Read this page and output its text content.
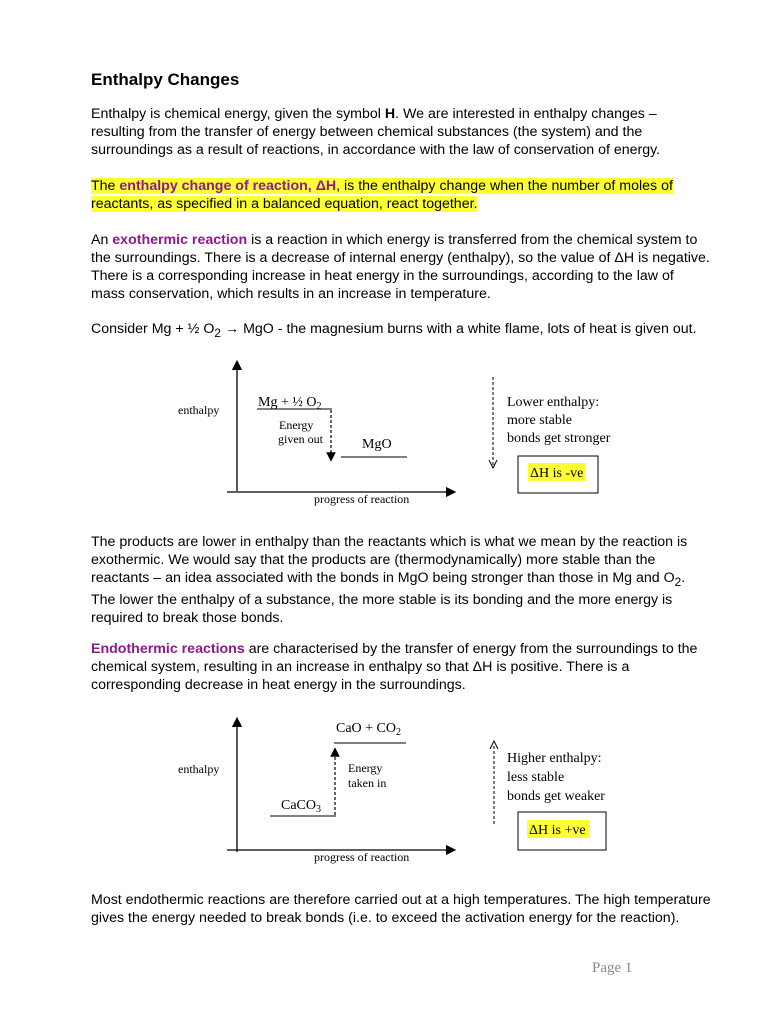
Enthalpy Changes
Enthalpy is chemical energy, given the symbol H. We are interested in enthalpy changes – resulting from the transfer of energy between chemical substances (the system) and the surroundings as a result of reactions, in accordance with the law of conservation of energy.
The enthalpy change of reaction, ΔH, is the enthalpy change when the number of moles of reactants, as specified in a balanced equation, react together.
An exothermic reaction is a reaction in which energy is transferred from the chemical system to the surroundings. There is a decrease of internal energy (enthalpy), so the value of ΔH is negative. There is a corresponding increase in heat energy in the surroundings, according to the law of mass conservation, which results in an increase in temperature.
Consider Mg + ½ $O_2$ → MgO - the magnesium burns with a white flame, lots of heat is given out.
enthalpy
progress of reaction
Mg + ½ $O_2$
Energy
given out	MgO
Lower enthalpy:
more stable
bonds get stronger
ΔH is -ve
The products are lower in enthalpy than the reactants which is what we mean by the reaction is exothermic. We would say that the products are (thermodynamically) more stable than the reactants – an idea associated with the bonds in MgO being stronger than those in Mg and $O_2$. The lower the enthalpy of a substance, the more stable is its bonding and the more energy is required to break those bonds.
Endothermic reactions are characterised by the transfer of energy from the surroundings to the chemical system, resulting in an increase in enthalpy so that ΔH is positive. There is a corresponding decrease in heat energy in the surroundings.
enthalpy
progress of reaction
CaO + $CO_2$
Energy
taken in
CaCO$_3$
Higher enthalpy:
less stable
bonds get weaker
ΔH is +ve
Most endothermic reactions are therefore carried out at a high temperatures. The high temperature gives the energy needed to break bonds (i.e. to exceed the activation energy for the reaction).
Page 1
